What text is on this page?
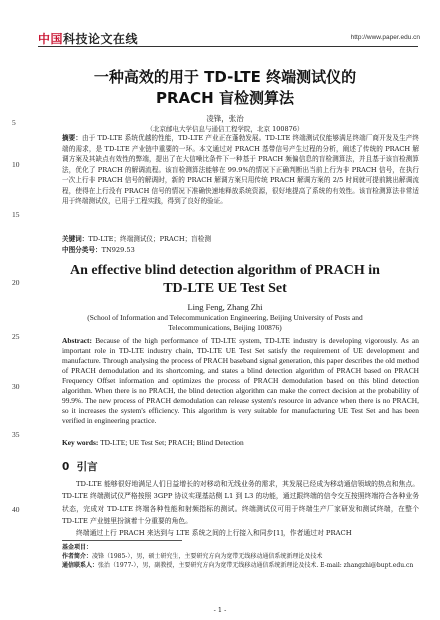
中国科技论文在线	http://www.paper.edu.cn
一种高效的用于 TD-LTE 终端测试仪的
PRACH 盲检测算法
凌锋，张治
（北京邮电大学信息与通信工程学院，北京 100876）
摘要：由于 TD-LTE 系统优越的性能，TD-LTE 产业正在蓬勃发展。TD-LTE 终端测试仪能够满足终端厂商开发及生产终端的需求，是 TD-LTE 产业链中重要的一环。本文通过对 PRACH 基带信号产生过程的分析，阐述了传统的 PRACH 解调方案及其缺点有效性的弊端，提出了在大信噪比条件下一种基于 PRACH 频偏信息的盲检测算法，并且基于该盲检测算法，优化了 PRACH 的解调流程。该盲检测算法能够在 99.9%的情况下正确判断出当前上行为非 PRACH 信号，在执行一次上行非 PRACH 信号的解调时，新的 PRACH 解调方案只用传统 PRACH 解调方案的 2/5 时间就可提前跳出解调流程，使得在上行没有 PRACH 信号的情况下准确快速地释放系统资源，很好地提高了系统的有效性。该盲检测算法非常适用于终端测试仪，已用于工程实践，得到了良好的验证。
关键词：TD-LTE；终端测试仪；PRACH；盲检测
中图分类号：TN929.53
An effective blind detection algorithm of PRACH in
TD-LTE UE Test Set
Ling Feng, Zhang Zhi
(School of Information and Telecommunication Engineering, Beijing University of Posts and
Telecommunications, Beijing 100876)
Abstract: Because of the high performance of TD-LTE system, TD-LTE industry is developing vigorously. As an important role in TD-LTE industry chain, TD-LTE UE Test Set satisfy the requirement of UE development and manufacture. Through analysing the process of PRACH baseband signal generation, this paper describes the old method of PRACH demodulation and its shortcoming, and states a blind detection algorithm of PRACH based on PRACH Frequency Offset information and optimizes the process of PRACH demodulation based on this blind detection algorithm. When there is no PRACH, the blind detection algorithm can make the correct decision at the probability of 99.9%. The new process of PRACH demodulation can release system's resource in advance when there is no PRACH, so it increases the system's efficiency. This algorithm is very suitable for manufacturing UE Test Set and has been verified in engineering practice.
Key words: TD-LTE; UE Test Set; PRACH; Blind Detection
0 引言
TD-LTE 能够很好地满足人们日益增长的对移动和无线业务的需求，其发展已经成为移动通信领域的热点和焦点。TD-LTE 终端测试仪严格按照 3GPP 协议实现基站侧 L1 到 L3 的功能，通过跟终端的信令交互按照终端符合各种业务状态，完成对 TD-LTE 终端各种性能和射频指标的测试。终端测试仪可用于终端生产厂家研发和测试终端，在整个 TD-LTE 产业链里扮演着十分重要的角色。
终端通过上行 PRACH 来达到与 LTE 系统之间的上行接入和同步[1]，作者通过对 PRACH
基金项目：
作者简介：凌锋（1985-），男，硕士研究生，主要研究方向为宽带无线移动通信系统新理论及技术
通信联系人：张治（1977-），男，副教授，主要研究方向为宽带无线移动通信系统新理论及技术. E-mail: zhangzhi@bupt.edu.cn
5
10
15
20
25
30
35
40
- 1 -
